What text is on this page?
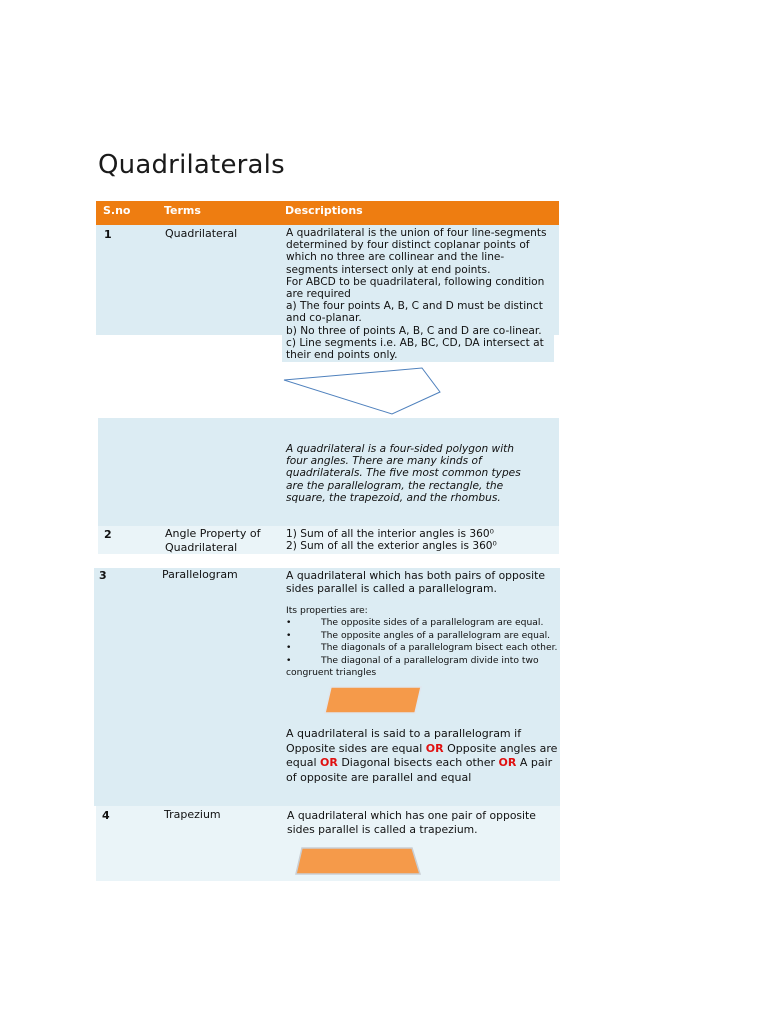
Quadrilaterals
S.no	Terms	Descriptions
1	Quadrilateral	A quadrilateral is the union of four line-segments
determined by four distinct coplanar points of
which no three are collinear and the line-
segments intersect only at end points.
For ABCD to be quadrilateral, following condition
are required
a) The four points A, B, C and D must be distinct
and co-planar.
b) No three of points A, B, C and D are co-linear.
c) Line segments i.e. AB, BC, CD, DA intersect at
their end points only.
A quadrilateral is a four-sided polygon with
four angles. There are many kinds of
quadrilaterals. The five most common types
are the parallelogram, the rectangle, the
square, the trapezoid, and the rhombus.
2	Angle Property of
Quadrilateral
1) Sum of all the interior angles is 360⁰
2) Sum of all the exterior angles is 360⁰
3	Parallelogram	A quadrilateral which has both pairs of opposite
sides parallel is called a parallelogram.
Its properties are:
• The opposite sides of a parallelogram are equal.
• The opposite angles of a parallelogram are equal.
• The diagonals of a parallelogram bisect each other.
• The diagonal of a parallelogram divide into two
congruent triangles
A quadrilateral is said to a parallelogram if
Opposite sides are equal OR Opposite angles are
equal OR Diagonal bisects each other OR A pair
of opposite are parallel and equal
4	Trapezium	A quadrilateral which has one pair of opposite
sides parallel is called a trapezium.
